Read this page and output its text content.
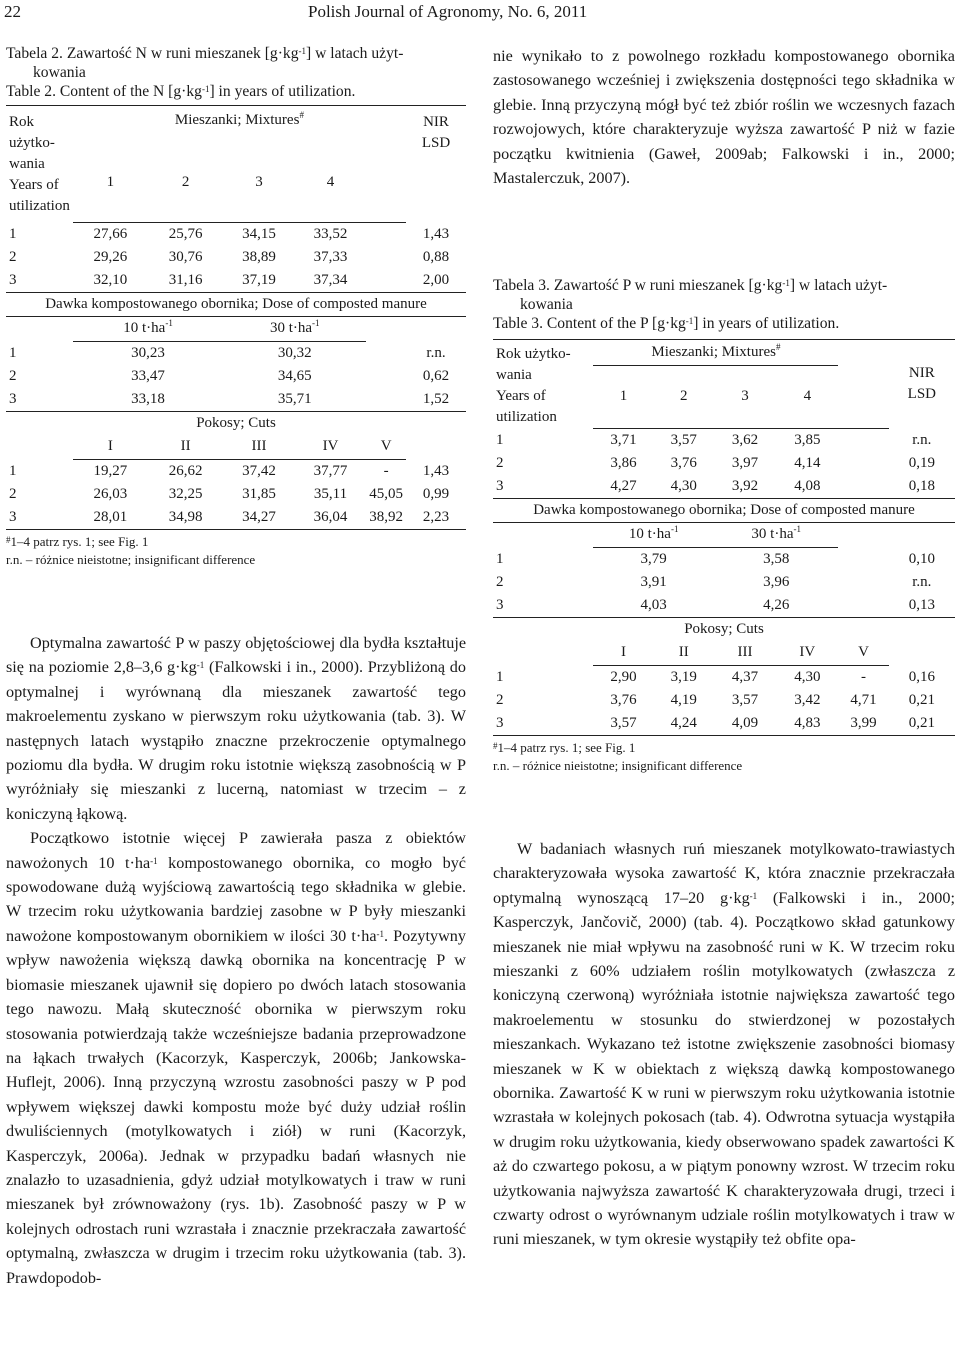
22	Polish Journal of Agronomy, No. 6, 2011

Tabela 2. Zawartość N w runi mieszanek $[g\cdot kg^{-1}]$ w latach użyt-
kowania

Table 2. Content of the N $[g\cdot kg^{-1}]$ in years of utilization.

Rok
użytko-
wania
Years of
utilization	Mieszanki; Mixtures#					NIR
LSD

	1	2	3	4		
1	27,66	25,76	34,15	33,52		1,43
2	29,26	30,76	38,89	37,33		0,88
3	32,10	31,16	37,19	37,34		2,00
Dawka kompostowanego obornika; Dose of composted manure						
	10 $t\cdot ha^{-1}$		30 $t\cdot ha^{-1}$		

1	30,23		30,32			r.n.
2	33,47		34,65			0,62
3	33,18		35,71			1,52
Pokosy; Cuts						
	I	II	III	IV	V	

1	19,27	26,62	37,42	37,77	-	1,43
2	26,03	32,25	31,85	35,11	45,05	0,99
3	28,01	34,98	34,27	36,04	38,92	2,23

#1–4 patrz rys. 1; see Fig. 1

r.n. – różnice nieistotne; insignificant difference

Optymalna zawartość P w paszy objętościowej dla bydła kształtuje się na poziomie 2,8–3,6 $g\cdot kg^{-1}$ (Falkowski i in., 2000). Przybliżoną do optymalnej i wyrównaną dla mieszanek zawartość tego makroelementu zyskano w pierwszym roku użytkowania (tab. 3). W następnych latach wystąpiło znaczne przekroczenie optymalnego poziomu dla bydła. W drugim roku istotnie większą zasobnością w P wyróżniały się mieszanki z lucerną, natomiast w trzecim – z koniczyną łąkową.

Początkowo istotnie więcej P zawierała pasza z obiektów nawożonych 10 $t\cdot ha^{-1}$ kompostowanego obornika, co mogło być spowodowane dużą wyjściową zawartością tego składnika w glebie. W trzecim roku użytkowania bardziej zasobne w P były mieszanki nawożone kompostowanym obornikiem w ilości 30 $t\cdot ha^{-1}$. Pozytywny wpływ nawożenia większą dawką obornika na koncentrację P w biomasie mieszanek ujawnił się dopiero po dwóch latach stosowania tego nawozu. Małą skuteczność obornika w pierwszym roku stosowania potwierdzają także wcześniejsze badania przeprowadzone na łąkach trwałych (Kacorzyk, Kasperczyk, 2006b; Jankowska-Huflejt, 2006). Inną przyczyną wzrostu zasobności paszy w P pod wpływem większej dawki kompostu może być duży udział roślin dwuliściennych (motylkowatych i ziół) w runi (Kacorzyk, Kasperczyk, 2006a). Jednak w przypadku badań własnych nie znalazło to uzasadnienia, gdyż udział motylkowatych i traw w runi mieszanek był zrównoważony (rys. 1b). Zasobność paszy w P w kolejnych odrostach runi wzrastała i znacznie przekraczała zawartość optymalną, zwłaszcza w drugim i trzecim roku użytkowania (tab. 3). Prawdopodob-

nie wynikało to z powolnego rozkładu kompostowanego obornika zastosowanego wcześniej i zwiększenia dostępności tego składnika w glebie. Inną przyczyną mógł być też zbiór roślin we wczesnych fazach rozwojowych, które charakteryzuje wyższa zawartość P niż w fazie początku kwitnienia (Gaweł, 2009ab; Falkowski i in., 2000; Mastalerczuk, 2007).

Tabela 3. Zawartość P w runi mieszanek $[g\cdot kg^{-1}]$ w latach użyt-
kowania

Table 3. Content of the P $[g\cdot kg^{-1}]$ in years of utilization.

Rok użytko-
wania
Years of
utilization	Mieszanki; Mixtures#					NIR
LSD

	1	2	3	4		
1	3,71	3,57	3,62	3,85		r.n.
2	3,86	3,76	3,97	4,14		0,19
3	4,27	4,30	3,92	4,08		0,18
Dawka kompostowanego obornika; Dose of composted manure						
	10 $t\cdot ha^{-1}$		30 $t\cdot ha^{-1}$		

1	3,79		3,58			0,10
2	3,91		3,96			r.n.
3	4,03		4,26			0,13
Pokosy; Cuts						
	I	II	III	IV	V	

1	2,90	3,19	4,37	4,30	-	0,16
2	3,76	4,19	3,57	3,42	4,71	0,21
3	3,57	4,24	4,09	4,83	3,99	0,21

#1–4 patrz rys. 1; see Fig. 1

r.n. – różnice nieistotne; insignificant difference

W badaniach własnych ruń mieszanek motylkowato-trawiastych charakteryzowała wysoka zawartość K, która znacznie przekraczała optymalną wynoszącą 17–20 $g\cdot kg^{-1}$ (Falkowski i in., 2000; Kasperczyk, Jančovič, 2000) (tab. 4). Początkowo skład gatunkowy mieszanek nie miał wpływu na zasobność runi w K. W trzecim roku mieszanki z 60% udziałem roślin motylkowatych (zwłaszcza z koniczyną czerwoną) wyróżniała istotnie największa zawartość tego makroelementu w stosunku do stwierdzonej w pozostałych mieszankach. Wykazano też istotne zwiększenie zasobności biomasy mieszanek w K w obiektach z większą dawką kompostowanego obornika. Zawartość K w runi w pierwszym roku użytkowania istotnie wzrastała w kolejnych pokosach (tab. 4). Odwrotna sytuacja wystąpiła w drugim roku użytkowania, kiedy obserwowano spadek zawartości K aż do czwartego pokosu, a w piątym ponowny wzrost. W trzecim roku użytkowania najwyższa zawartość K charakteryzowała drugi, trzeci i czwarty odrost o wyrównanym udziale roślin motylkowatych i traw w runi mieszanek, w tym okresie wystąpiły też obfite opa-
